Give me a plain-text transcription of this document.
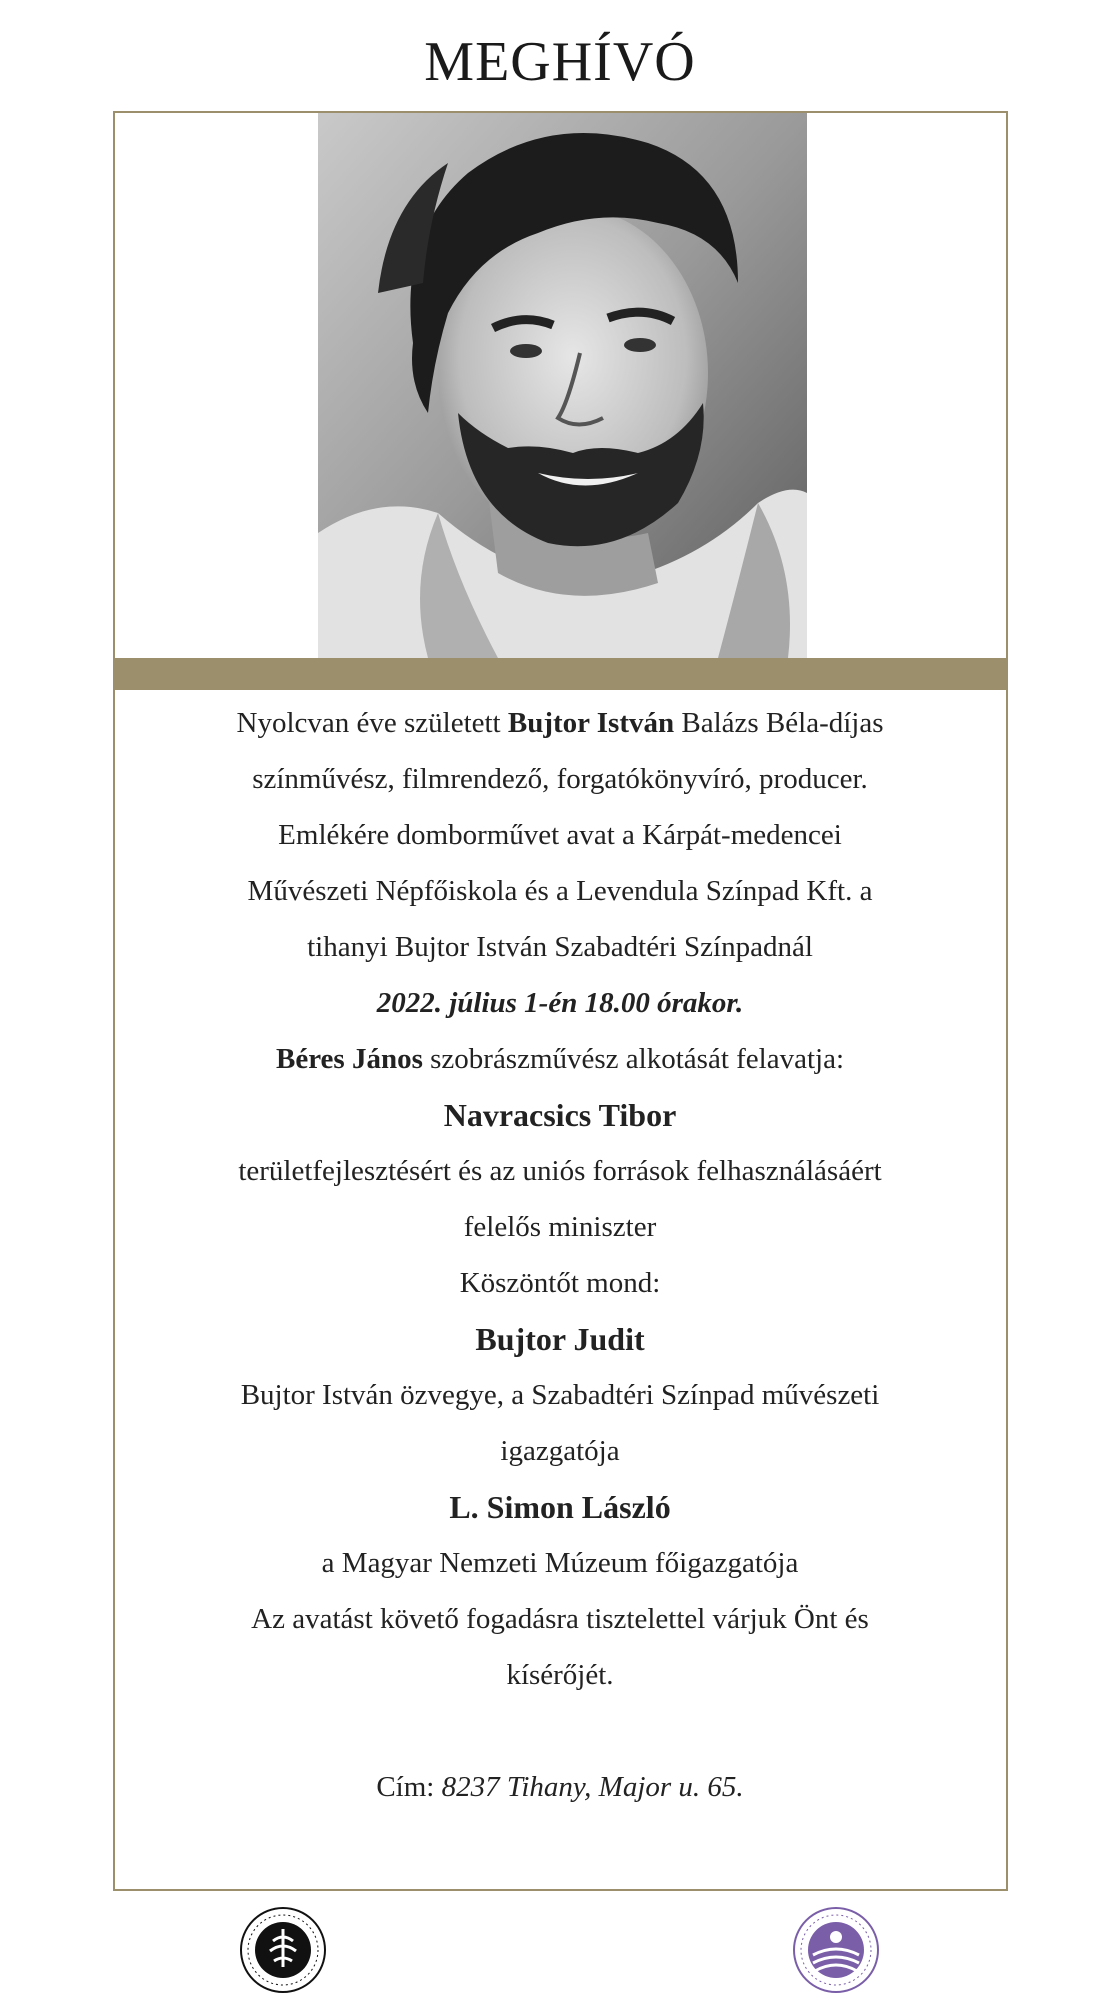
MEGHÍVÓ

Nyolcvan éve született Bujtor István Balázs Béla-díjas

színművész, filmrendező, forgatókönyvíró, producer.

Emlékére domborművet avat a Kárpát-medencei

Művészeti Népfőiskola és a Levendula Színpad Kft. a

tihanyi Bujtor István Szabadtéri Színpadnál

2022. július 1-én 18.00 órakor.

Béres János szobrászművész alkotását felavatja:

Navracsics Tibor

területfejlesztésért és az uniós források felhasználásáért

felelős miniszter

Köszöntőt mond:

Bujtor Judit

Bujtor István özvegye, a Szabadtéri Színpad művészeti

igazgatója

L. Simon László

a Magyar Nemzeti Múzeum főigazgatója

Az avatást követő fogadásra tisztelettel várjuk Önt és

kísérőjét.

Cím: 8237 Tihany, Major u. 65.
